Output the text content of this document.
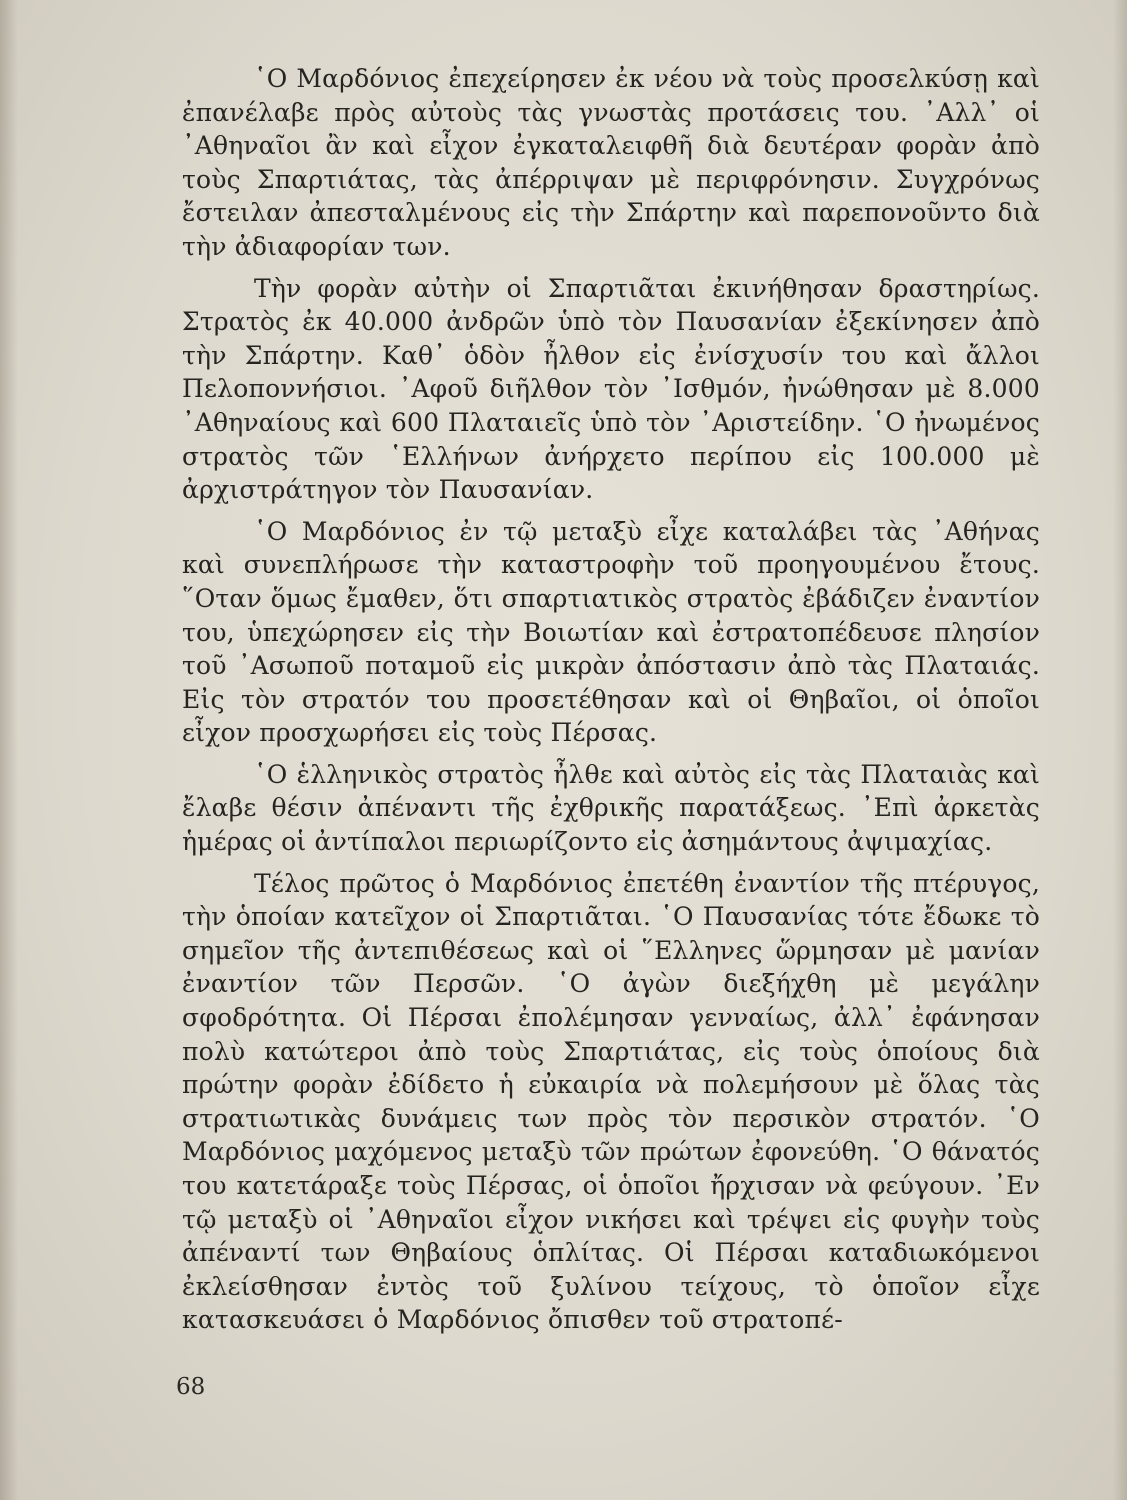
῾Ο Μαρδόνιος ἐπεχείρησεν ἐκ νέου νὰ τοὺς προσελκύσῃ καὶ ἐπανέλαβε πρὸς αὐτοὺς τὰς γνωστὰς προτάσεις του. ᾿Αλλ᾿ οἱ ᾿Αθηναῖοι ἂν καὶ εἶχον ἐγκαταλειφθῆ διὰ δευτέραν φορὰν ἀπὸ τοὺς Σπαρτιάτας, τὰς ἀπέρριψαν μὲ περιφρόνησιν. Συγχρόνως ἔστειλαν ἀπεσταλμένους εἰς τὴν Σπάρτην καὶ παρεπονοῦντο διὰ τὴν ἀδιαφορίαν των.

Τὴν φορὰν αὐτὴν οἱ Σπαρτιᾶται ἐκινήθησαν δραστηρίως. Στρατὸς ἐκ 40.000 ἀνδρῶν ὑπὸ τὸν Παυσανίαν ἐξεκίνησεν ἀπὸ τὴν Σπάρτην. Καθ᾿ ὁδὸν ἦλθον εἰς ἐνίσχυσίν του καὶ ἄλλοι Πελοποννήσιοι. ᾿Αφοῦ διῆλθον τὸν ᾿Ισθμόν, ἠνώθησαν μὲ 8.000 ᾿Αθηναίους καὶ 600 Πλαταιεῖς ὑπὸ τὸν ᾿Αριστείδην. ῾Ο ἠνωμένος στρατὸς τῶν ῾Ελλήνων ἀνήρχετο περίπου εἰς 100.000 μὲ ἀρχιστράτηγον τὸν Παυσανίαν.

῾Ο Μαρδόνιος ἐν τῷ μεταξὺ εἶχε καταλάβει τὰς ᾿Αθήνας καὶ συνεπλήρωσε τὴν καταστροφὴν τοῦ προηγουμένου ἔτους. ῞Οταν ὅμως ἔμαθεν, ὅτι σπαρτιατικὸς στρατὸς ἐβάδιζεν ἐναντίον του, ὑπεχώρησεν εἰς τὴν Βοιωτίαν καὶ ἐστρατοπέδευσε πλησίον τοῦ ᾿Ασωποῦ ποταμοῦ εἰς μικρὰν ἀπόστασιν ἀπὸ τὰς Πλαταιάς. Εἰς τὸν στρατόν του προσετέθησαν καὶ οἱ Θηβαῖοι, οἱ ὁποῖοι εἶχον προσχωρήσει εἰς τοὺς Πέρσας.

῾Ο ἑλληνικὸς στρατὸς ἦλθε καὶ αὐτὸς εἰς τὰς Πλαταιὰς καὶ ἔλαβε θέσιν ἀπέναντι τῆς ἐχθρικῆς παρατάξεως. ᾿Επὶ ἀρκετὰς ἡμέρας οἱ ἀντίπαλοι περιωρίζοντο εἰς ἀσημάντους ἀψιμαχίας.

Τέλος πρῶτος ὁ Μαρδόνιος ἐπετέθη ἐναντίον τῆς πτέρυγος, τὴν ὁποίαν κατεῖχον οἱ Σπαρτιᾶται. ῾Ο Παυσανίας τότε ἔδωκε τὸ σημεῖον τῆς ἀντεπιθέσεως καὶ οἱ ῞Ελληνες ὥρμησαν μὲ μανίαν ἐναντίον τῶν Περσῶν. ῾Ο ἀγὼν διεξήχθη μὲ μεγάλην σφοδρότητα. Οἱ Πέρσαι ἐπολέμησαν γενναίως, ἀλλ᾿ ἐφάνησαν πολὺ κατώτεροι ἀπὸ τοὺς Σπαρτιάτας, εἰς τοὺς ὁποίους διὰ πρώτην φορὰν ἐδίδετο ἡ εὐκαιρία νὰ πολεμήσουν μὲ ὅλας τὰς στρατιωτικὰς δυνάμεις των πρὸς τὸν περσικὸν στρατόν. ῾Ο Μαρδόνιος μαχόμενος μεταξὺ τῶν πρώτων ἐφονεύθη. ῾Ο θάνατός του κατετάραξε τοὺς Πέρσας, οἱ ὁποῖοι ἤρχισαν νὰ φεύγουν. ᾿Εν τῷ μεταξὺ οἱ ᾿Αθηναῖοι εἶχον νικήσει καὶ τρέψει εἰς φυγὴν τοὺς ἀπέναντί των Θηβαίους ὁπλίτας. Οἱ Πέρσαι καταδιωκόμενοι ἐκλείσθησαν ἐντὸς τοῦ ξυλίνου τείχους, τὸ ὁποῖον εἶχε κατασκευάσει ὁ Μαρδόνιος ὄπισθεν τοῦ στρατοπέ-

68
